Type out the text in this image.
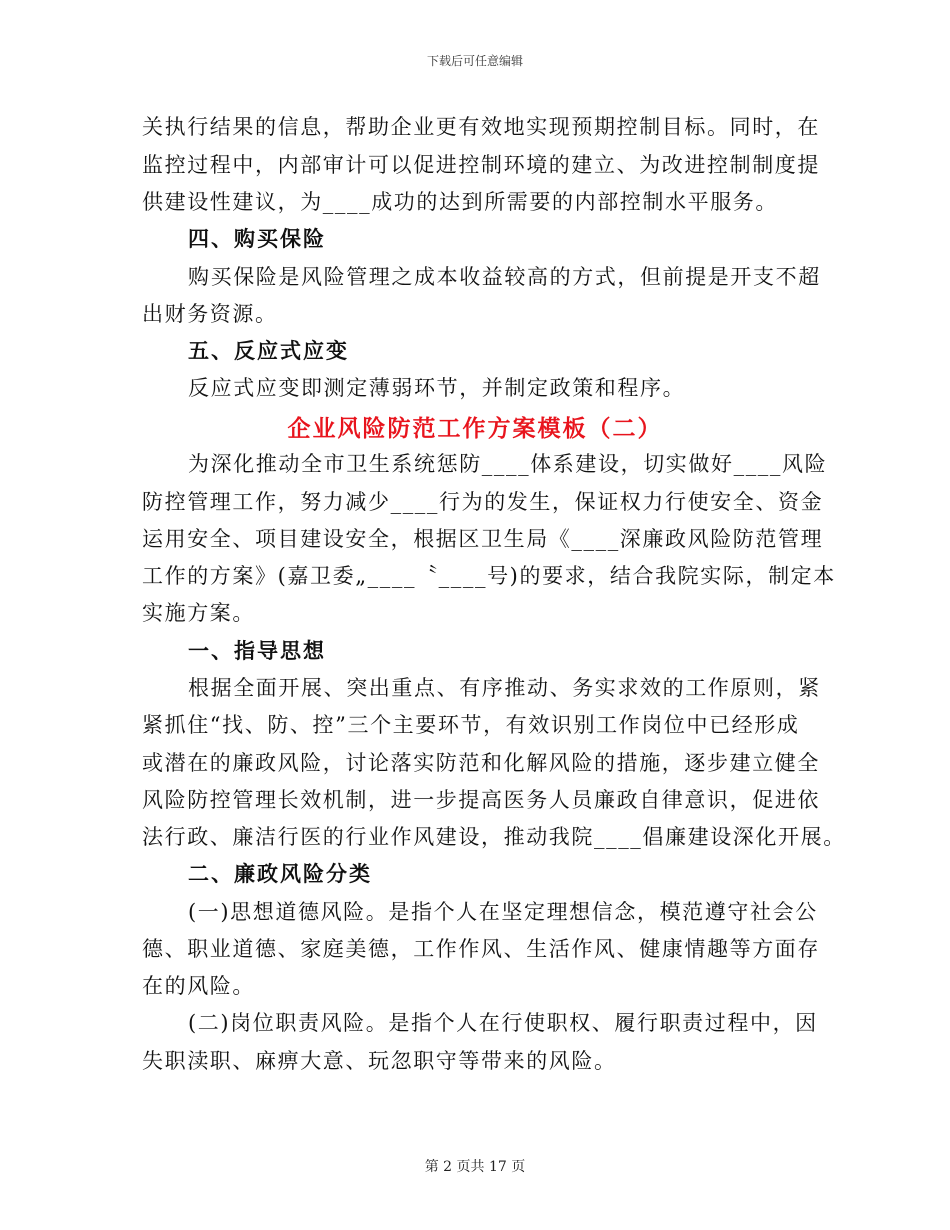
下载后可任意编辑
关执行结果的信息，帮助企业更有效地实现预期控制目标。同时，在
监控过程中，内部审计可以促进控制环境的建立、为改进控制制度提
供建设性建议，为____成功的达到所需要的内部控制水平服务。
四、购买保险
购买保险是风险管理之成本收益较高的方式，但前提是开支不超
出财务资源。
五、反应式应变
反应式应变即测定薄弱环节，并制定政策和程序。
企业风险防范工作方案模板（二）
为深化推动全市卫生系统惩防____体系建设，切实做好____风险
防控管理工作，努力减少____行为的发生，保证权力行使安全、资金
运用安全、项目建设安全，根据区卫生局《____深廉政风险防范管理
工作的方案》(嘉卫委„____〝____号)的要求，结合我院实际，制定本
实施方案。
一、指导思想
根据全面开展、突出重点、有序推动、务实求效的工作原则，紧
紧抓住“找、防、控”三个主要环节，有效识别工作岗位中已经形成
或潜在的廉政风险，讨论落实防范和化解风险的措施，逐步建立健全
风险防控管理长效机制，进一步提高医务人员廉政自律意识，促进依
法行政、廉洁行医的行业作风建设，推动我院____倡廉建设深化开展。
二、廉政风险分类
(一)思想道德风险。是指个人在坚定理想信念，模范遵守社会公
德、职业道德、家庭美德，工作作风、生活作风、健康情趣等方面存
在的风险。
(二)岗位职责风险。是指个人在行使职权、履行职责过程中，因
失职渎职、麻痹大意、玩忽职守等带来的风险。
第 2 页共 17 页
